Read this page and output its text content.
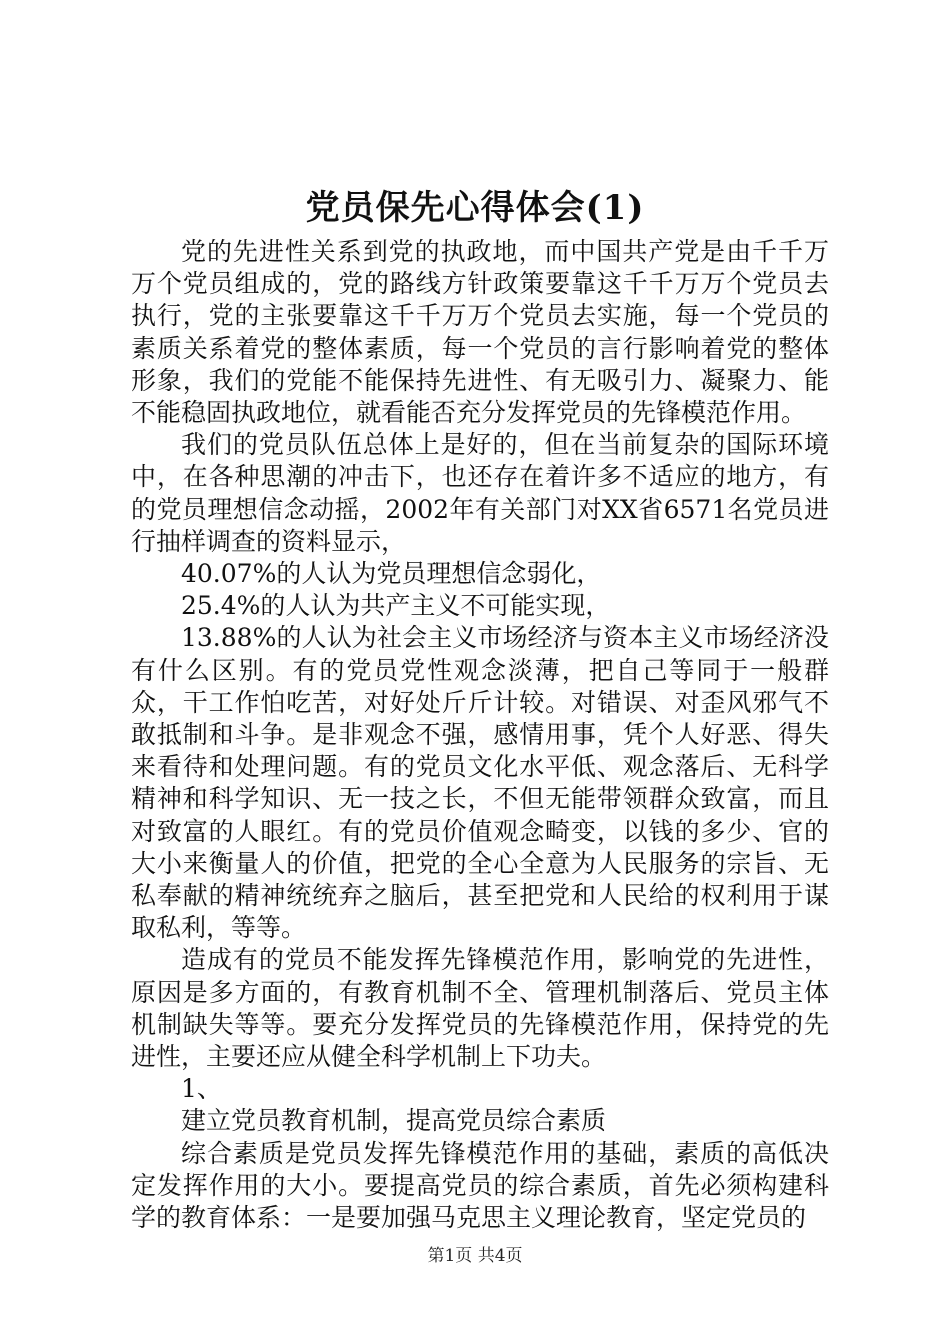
党员保先心得体会(1)

党的先进性关系到党的执政地，而中国共产党是由千千万万个党员组成的，党的路线方针政策要靠这千千万万个党员去执行，党的主张要靠这千千万万个党员去实施，每一个党员的素质关系着党的整体素质，每一个党员的言行影响着党的整体形象，我们的党能不能保持先进性、有无吸引力、凝聚力、能不能稳固执政地位，就看能否充分发挥党员的先锋模范作用。

我们的党员队伍总体上是好的，但在当前复杂的国际环境中，在各种思潮的冲击下，也还存在着许多不适应的地方，有的党员理想信念动摇，2002年有关部门对XX省6571名党员进行抽样调查的资料显示，

40.07%的人认为党员理想信念弱化，

25.4%的人认为共产主义不可能实现，

13.88%的人认为社会主义市场经济与资本主义市场经济没有什么区别。有的党员党性观念淡薄，把自己等同于一般群众，干工作怕吃苦，对好处斤斤计较。对错误、对歪风邪气不敢抵制和斗争。是非观念不强，感情用事，凭个人好恶、得失来看待和处理问题。有的党员文化水平低、观念落后、无科学精神和科学知识、无一技之长，不但无能带领群众致富，而且对致富的人眼红。有的党员价值观念畸变，以钱的多少、官的大小来衡量人的价值，把党的全心全意为人民服务的宗旨、无私奉献的精神统统弃之脑后，甚至把党和人民给的权利用于谋取私利，等等。

造成有的党员不能发挥先锋模范作用，影响党的先进性，原因是多方面的，有教育机制不全、管理机制落后、党员主体机制缺失等等。要充分发挥党员的先锋模范作用，保持党的先进性，主要还应从健全科学机制上下功夫。

1、

建立党员教育机制，提高党员综合素质

综合素质是党员发挥先锋模范作用的基础，素质的高低决定发挥作用的大小。要提高党员的综合素质，首先必须构建科学的教育体系：一是要加强马克思主义理论教育，坚定党员的

第1页 共4页
